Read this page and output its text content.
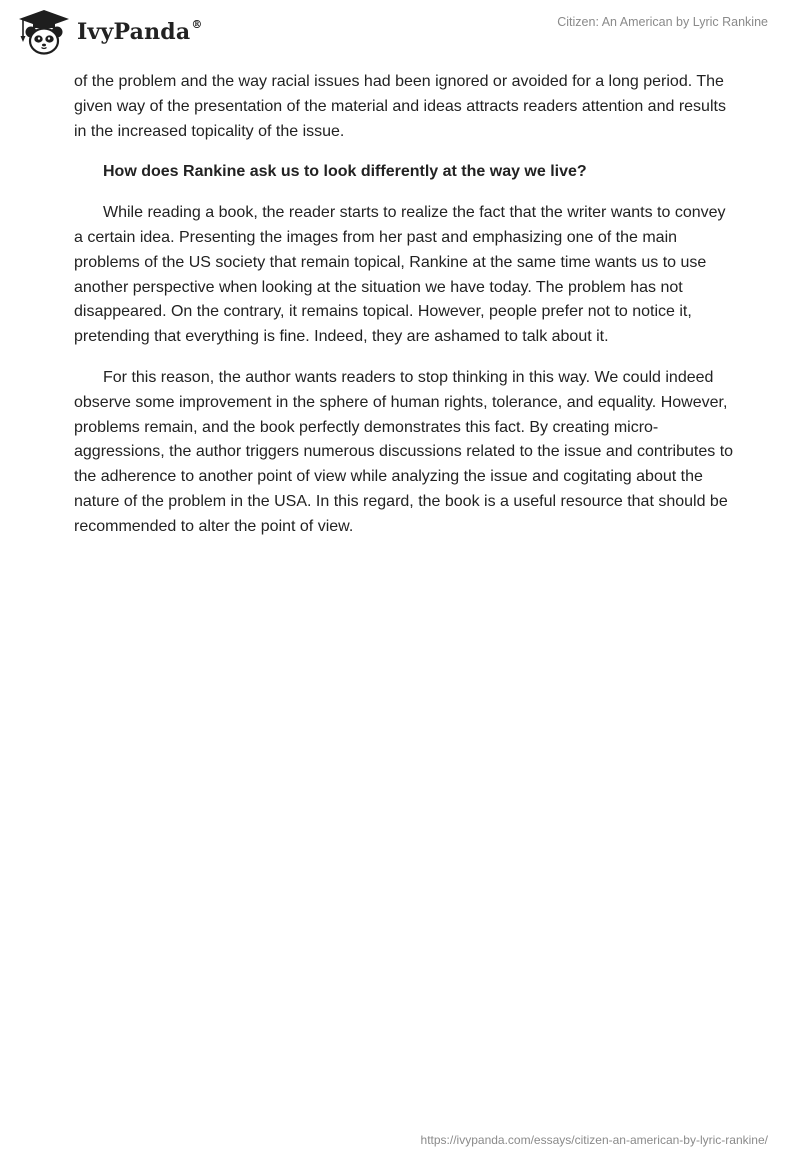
IvyPanda®	Citizen: An American by Lyric Rankine

of the problem and the way racial issues had been ignored or avoided for a long period. The given way of the presentation of the material and ideas attracts readers attention and results in the increased topicality of the issue.

How does Rankine ask us to look differently at the way we live?

While reading a book, the reader starts to realize the fact that the writer wants to convey a certain idea. Presenting the images from her past and emphasizing one of the main problems of the US society that remain topical, Rankine at the same time wants us to use another perspective when looking at the situation we have today. The problem has not disappeared. On the contrary, it remains topical. However, people prefer not to notice it, pretending that everything is fine. Indeed, they are ashamed to talk about it.

For this reason, the author wants readers to stop thinking in this way. We could indeed observe some improvement in the sphere of human rights, tolerance, and equality. However, problems remain, and the book perfectly demonstrates this fact. By creating micro-aggressions, the author triggers numerous discussions related to the issue and contributes to the adherence to another point of view while analyzing the issue and cogitating about the nature of the problem in the USA. In this regard, the book is a useful resource that should be recommended to alter the point of view.

https://ivypanda.com/essays/citizen-an-american-by-lyric-rankine/
